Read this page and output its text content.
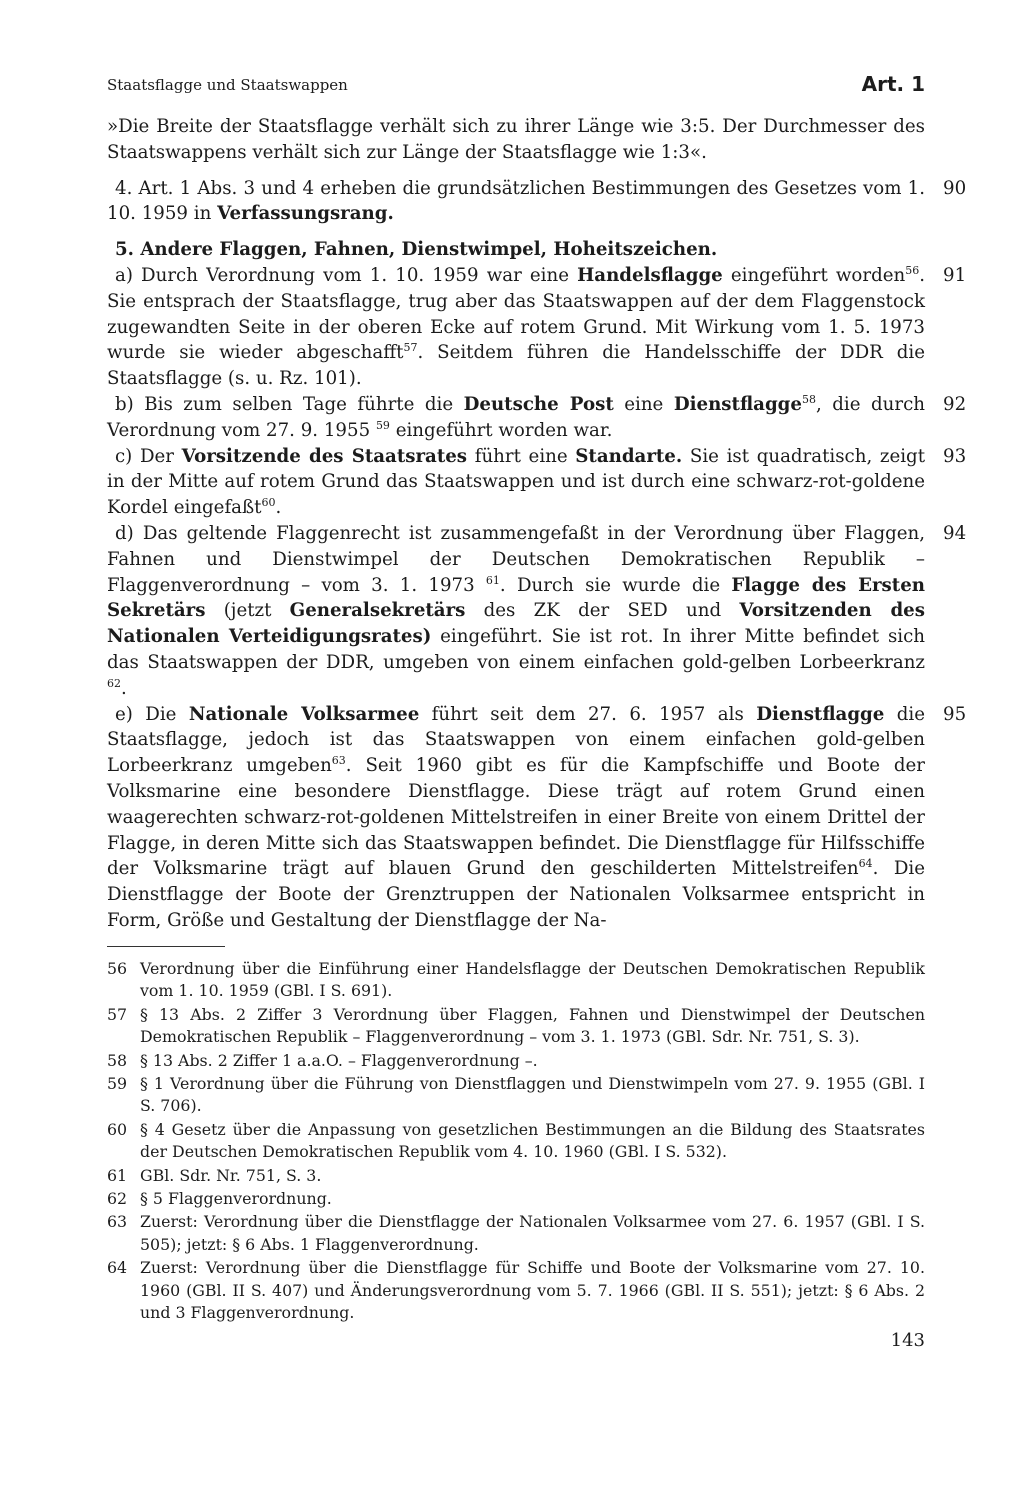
Staatsflagge und Staatswappen	Art. 1

»Die Breite der Staatsflagge verhält sich zu ihrer Länge wie 3:5. Der Durchmesser des Staatswappens verhält sich zur Länge der Staatsflagge wie 1:3«.

90
4. Art. 1 Abs. 3 und 4 erheben die grundsätzlichen Bestimmungen des Gesetzes vom 1. 10. 1959 in Verfassungsrang.

5. Andere Flaggen, Fahnen, Dienstwimpel, Hoheitszeichen.

91
a) Durch Verordnung vom 1. 10. 1959 war eine Handelsflagge eingeführt worden$^{56}$. Sie entsprach der Staatsflagge, trug aber das Staatswappen auf der dem Flaggenstock zugewandten Seite in der oberen Ecke auf rotem Grund. Mit Wirkung vom 1. 5. 1973 wurde sie wieder abgeschafft$^{57}$. Seitdem führen die Handelsschiffe der DDR die Staatsflagge (s. u. Rz. 101).

92
b) Bis zum selben Tage führte die Deutsche Post eine Dienstflagge$^{58}$, die durch Verordnung vom 27. 9. 1955 $^{59}$ eingeführt worden war.

93
c) Der Vorsitzende des Staatsrates führt eine Standarte. Sie ist quadratisch, zeigt in der Mitte auf rotem Grund das Staatswappen und ist durch eine schwarz-rot-goldene Kordel eingefaßt$^{60}$.

94
d) Das geltende Flaggenrecht ist zusammengefaßt in der Verordnung über Flaggen, Fahnen und Dienstwimpel der Deutschen Demokratischen Republik – Flaggenverordnung – vom 3. 1. 1973 $^{61}$. Durch sie wurde die Flagge des Ersten Sekretärs (jetzt Generalsekretärs des ZK der SED und Vorsitzenden des Nationalen Verteidigungsrates) eingeführt. Sie ist rot. In ihrer Mitte befindet sich das Staatswappen der DDR, umgeben von einem einfachen gold-gelben Lorbeerkranz $^{62}$.

95
e) Die Nationale Volksarmee führt seit dem 27. 6. 1957 als Dienstflagge die Staatsflagge, jedoch ist das Staatswappen von einem einfachen gold-gelben Lorbeerkranz umgeben$^{63}$. Seit 1960 gibt es für die Kampfschiffe und Boote der Volksmarine eine besondere Dienstflagge. Diese trägt auf rotem Grund einen waagerechten schwarz-rot-goldenen Mittelstreifen in einer Breite von einem Drittel der Flagge, in deren Mitte sich das Staatswappen befindet. Die Dienstflagge für Hilfsschiffe der Volksmarine trägt auf blauen Grund den geschilderten Mittelstreifen$^{64}$. Die Dienstflagge der Boote der Grenztruppen der Nationalen Volksarmee entspricht in Form, Größe und Gestaltung der Dienstflagge der Na-

56 Verordnung über die Einführung einer Handelsflagge der Deutschen Demokratischen Republik vom 1. 10. 1959 (GBl. I S. 691).

57 § 13 Abs. 2 Ziffer 3 Verordnung über Flaggen, Fahnen und Dienstwimpel der Deutschen Demokratischen Republik – Flaggenverordnung – vom 3. 1. 1973 (GBl. Sdr. Nr. 751, S. 3).

58 § 13 Abs. 2 Ziffer 1 a.a.O. – Flaggenverordnung –.

59 § 1 Verordnung über die Führung von Dienstflaggen und Dienstwimpeln vom 27. 9. 1955 (GBl. I S. 706).

60 § 4 Gesetz über die Anpassung von gesetzlichen Bestimmungen an die Bildung des Staatsrates der Deutschen Demokratischen Republik vom 4. 10. 1960 (GBl. I S. 532).

61 GBl. Sdr. Nr. 751, S. 3.

62 § 5 Flaggenverordnung.

63 Zuerst: Verordnung über die Dienstflagge der Nationalen Volksarmee vom 27. 6. 1957 (GBl. I S. 505); jetzt: § 6 Abs. 1 Flaggenverordnung.

64 Zuerst: Verordnung über die Dienstflagge für Schiffe und Boote der Volksmarine vom 27. 10. 1960 (GBl. II S. 407) und Änderungsverordnung vom 5. 7. 1966 (GBl. II S. 551); jetzt: § 6 Abs. 2 und 3 Flaggenverordnung.

143
